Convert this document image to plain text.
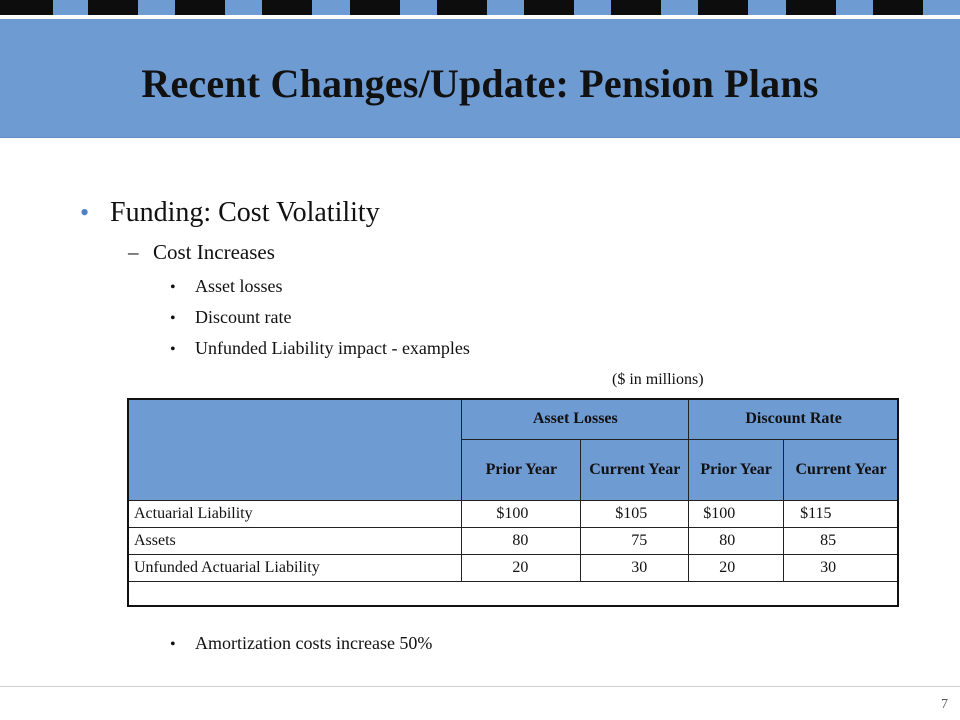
Recent Changes/Update: Pension Plans
• Funding: Cost Volatility
– Cost Increases
• Asset losses
• Discount rate
• Unfunded Liability impact - examples
($ in millions)
	Asset Losses		Discount Rate	
	Prior Year	Current Year	Prior Year	Current Year
Actuarial Liability	$100	$105	$100	$115
Assets	80	75	80	85
Unfunded Actuarial Liability	20	30	20	30
• Amortization costs increase 50%
7
